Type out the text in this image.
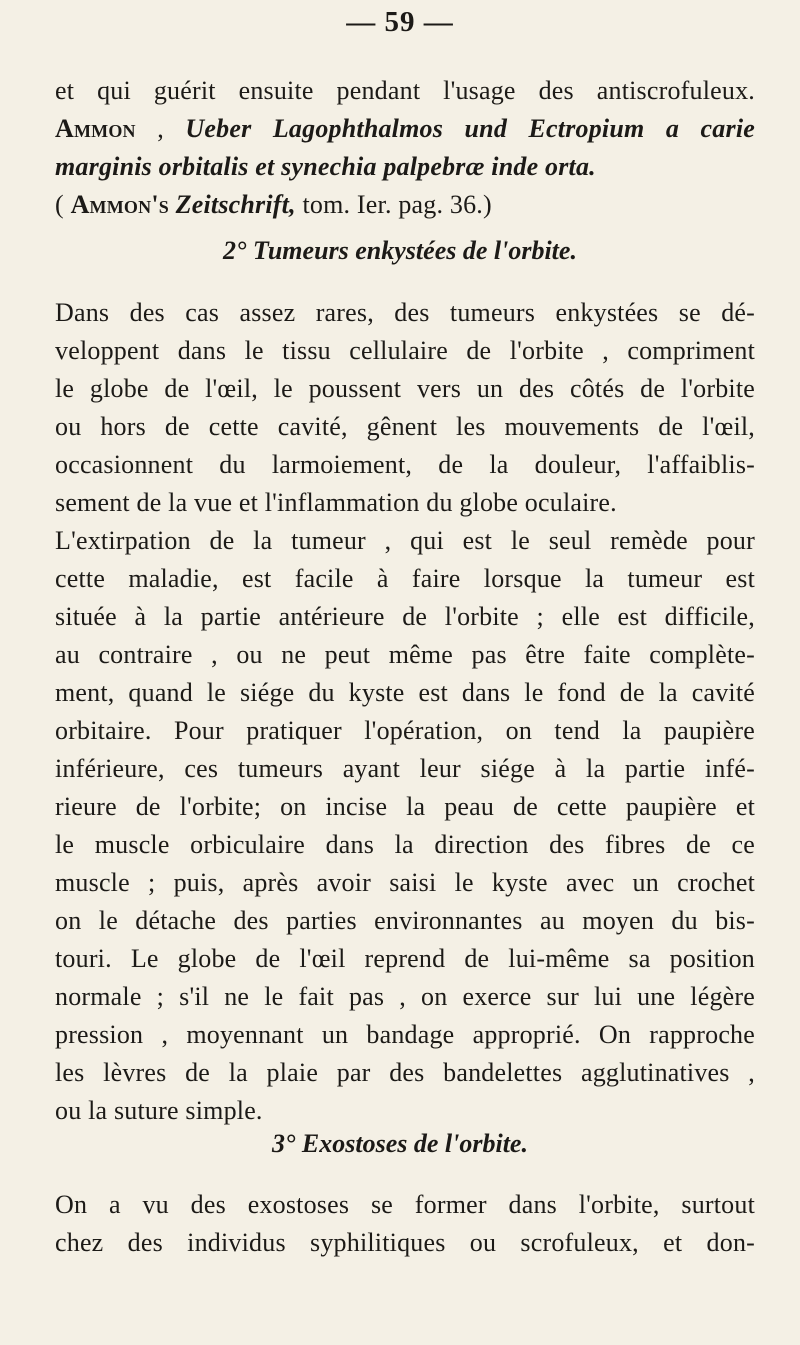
— 59 —
et qui guérit ensuite pendant l'usage des antiscrofuleux.
Ammon , Ueber Lagophthalmos und Ectropium a carie
marginis orbitalis et synechia palpebræ inde orta.
( Ammon's Zeitschrift, tom. Ier. pag. 36.)
2° Tumeurs enkystées de l'orbite.
Dans des cas assez rares, des tumeurs enkystées se dé-
veloppent dans le tissu cellulaire de l'orbite , compriment
le globe de l'œil, le poussent vers un des côtés de l'orbite
ou hors de cette cavité, gênent les mouvements de l'œil,
occasionnent du larmoiement, de la douleur, l'affaiblis-
sement de la vue et l'inflammation du globe oculaire.
L'extirpation de la tumeur , qui est le seul remède pour
cette maladie, est facile à faire lorsque la tumeur est
située à la partie antérieure de l'orbite ; elle est difficile,
au contraire , ou ne peut même pas être faite complète-
ment, quand le siége du kyste est dans le fond de la cavité
orbitaire. Pour pratiquer l'opération, on tend la paupière
inférieure, ces tumeurs ayant leur siége à la partie infé-
rieure de l'orbite; on incise la peau de cette paupière et
le muscle orbiculaire dans la direction des fibres de ce
muscle ; puis, après avoir saisi le kyste avec un crochet
on le détache des parties environnantes au moyen du bis-
touri. Le globe de l'œil reprend de lui-même sa position
normale ; s'il ne le fait pas , on exerce sur lui une légère
pression , moyennant un bandage approprié. On rapproche
les lèvres de la plaie par des bandelettes agglutinatives ,
ou la suture simple.
3° Exostoses de l'orbite.
On a vu des exostoses se former dans l'orbite, surtout
chez des individus syphilitiques ou scrofuleux, et don-
